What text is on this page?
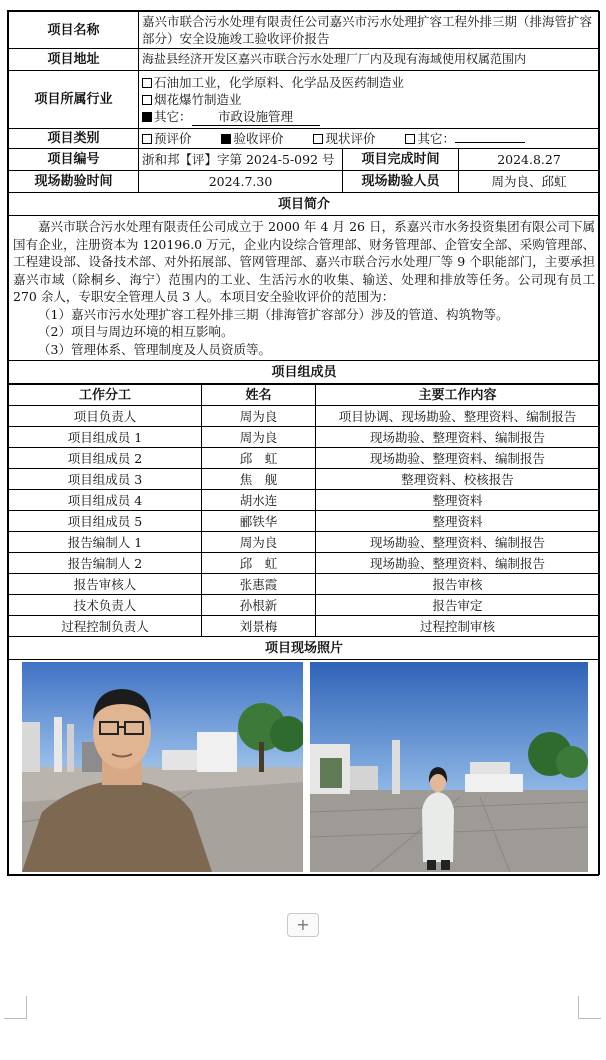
项目名称	嘉兴市联合污水处理有限责任公司嘉兴市污水处理扩容工程外排三期（排海管扩容部分）安全设施竣工验收评价报告		
项目地址	海盐县经济开发区嘉兴市联合污水处理厂厂内及现有海域使用权属范围内		
项目所属行业	石油加工业，化学原料、化学品及医药制造业
烟花爆竹制造业
其它： 市政设施管理		

项目类别	预评价 验收评价 现状评价 其它：		
项目编号	浙和邦【评】字第 2024-5-092 号	项目完成时间	2024.8.27
现场勘验时间	2024.7.30	现场勘验人员	周为良、邱虹
项目简介			

嘉兴市联合污水处理有限责任公司成立于 2000 年 4 月 26 日，系嘉兴市水务投资集团有限公司下属国有企业，注册资本为 120196.0 万元，企业内设综合管理部、财务管理部、企管安全部、采购管理部、工程建设部、设备技术部、对外拓展部、管网管理部、嘉兴市联合污水处理厂等 9 个职能部门，主要承担嘉兴市域（除桐乡、海宁）范围内的工业、生活污水的收集、输送、处理和排放等任务。公司现有员工 270 余人，专职安全管理人员 3 人。本项目安全验收评价的范围为：

（1）嘉兴市污水处理扩容工程外排三期（排海管扩容部分）涉及的管道、构筑物等。

（2）项目与周边环境的相互影响。

（3）管理体系、管理制度及人员资质等。			

项目组成员			
工作分工	姓名	主要工作内容
项目负责人	周为良	项目协调、现场勘验、整理资料、编制报告
项目组成员 1	周为良	现场勘验、整理资料、编制报告
项目组成员 2	邱　虹	现场勘验、整理资料、编制报告
项目组成员 3	焦　舰	整理资料、校核报告
项目组成员 4	胡水连	整理资料
项目组成员 5	郦铁华	整理资料
报告编制人 1	周为良	现场勘验、整理资料、编制报告
报告编制人 2	邱　虹	现场勘验、整理资料、编制报告
报告审核人	张惠霞	报告审核
技术负责人	孙根新	报告审定
过程控制负责人	刘景梅	过程控制审核
项目现场照片		

+
